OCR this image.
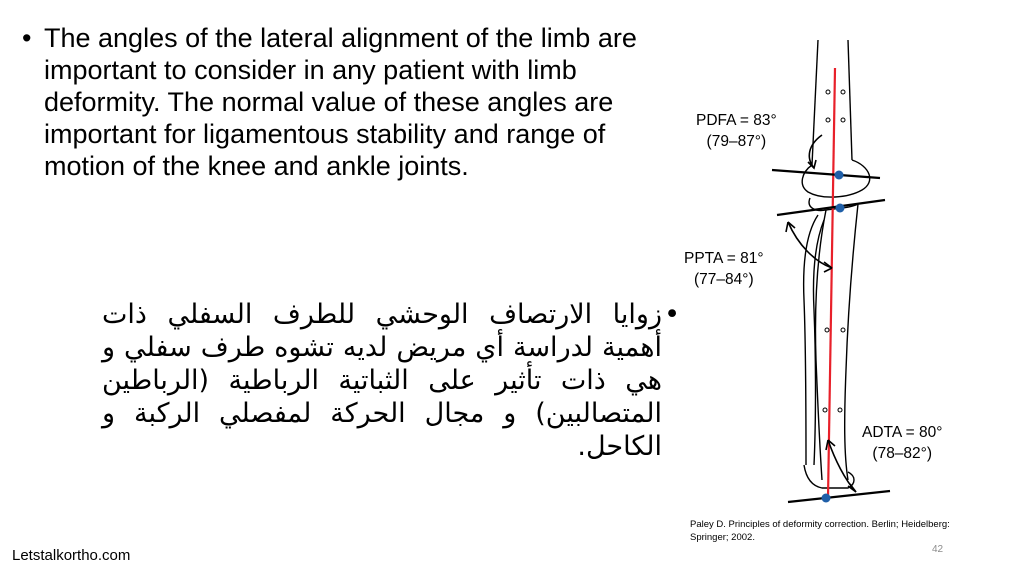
• The angles of the lateral alignment of the limb are important to consider in any patient with limb deformity. The normal value of these angles are important for ligamentous stability and range of motion of the knee and ankle joints.
•
زوايا الارتصاف الوحشي للطرف السفلي ذات أهمية لدراسة أي مريض لديه تشوه طرف سفلي و هي ذات تأثير على الثباتية الرباطية (الرباطين المتصالبين) و مجال الحركة لمفصلي الركبة و الكاحل.
PDFA = 83°
(79–87°)
PPTA = 81°
(77–84°)
ADTA = 80°
(78–82°)
Paley D. Principles of deformity correction. Berlin; Heidelberg: Springer; 2002.
Letstalkortho.com	42
